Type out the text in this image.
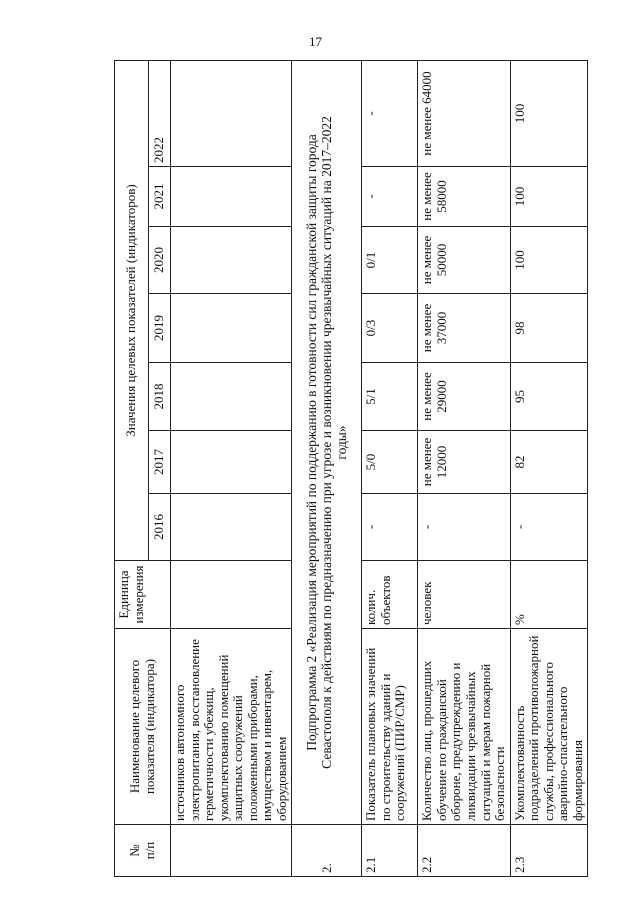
17
№
п/п	Наименование целевого показателя (индикатора)	Единица измерения	Значения целевых показателей (индикаторов)						
			2016	2017	2018	2019	2020	2021	2022
	источников автономного электропитания, восстановление герметичности убежищ, укомплектованию помещений защитных сооружений положенными приборами, имуществом и инвентарем, оборудованием								
2.	Подпрограмма 2 «Реализация мероприятий по поддержанию в готовности сил гражданской защиты города Севастополя к действиям по предназначению при угрозе и возникновении чрезвычайных ситуаций на 2017–2022 годы»								
2.1	Показатель плановых значений по строительству зданий и сооружений (ПИР/СМР)	колич. объектов	-	5/0	5/1	0/3	0/1	-	-
2.2	Количество лиц, прошедших обучение по гражданской обороне, предупреждению и ликвидации чрезвычайных ситуаций и мерам пожарной безопасности	человек	-	не менее 12000	не менее 29000	не менее 37000	не менее 50000	не менее 58000	не менее 64000
2.3	Укомплектованность подразделений противопожарной службы, профессионального аварийно-спасательного формирования	%	-	82	95	98	100	100	100
